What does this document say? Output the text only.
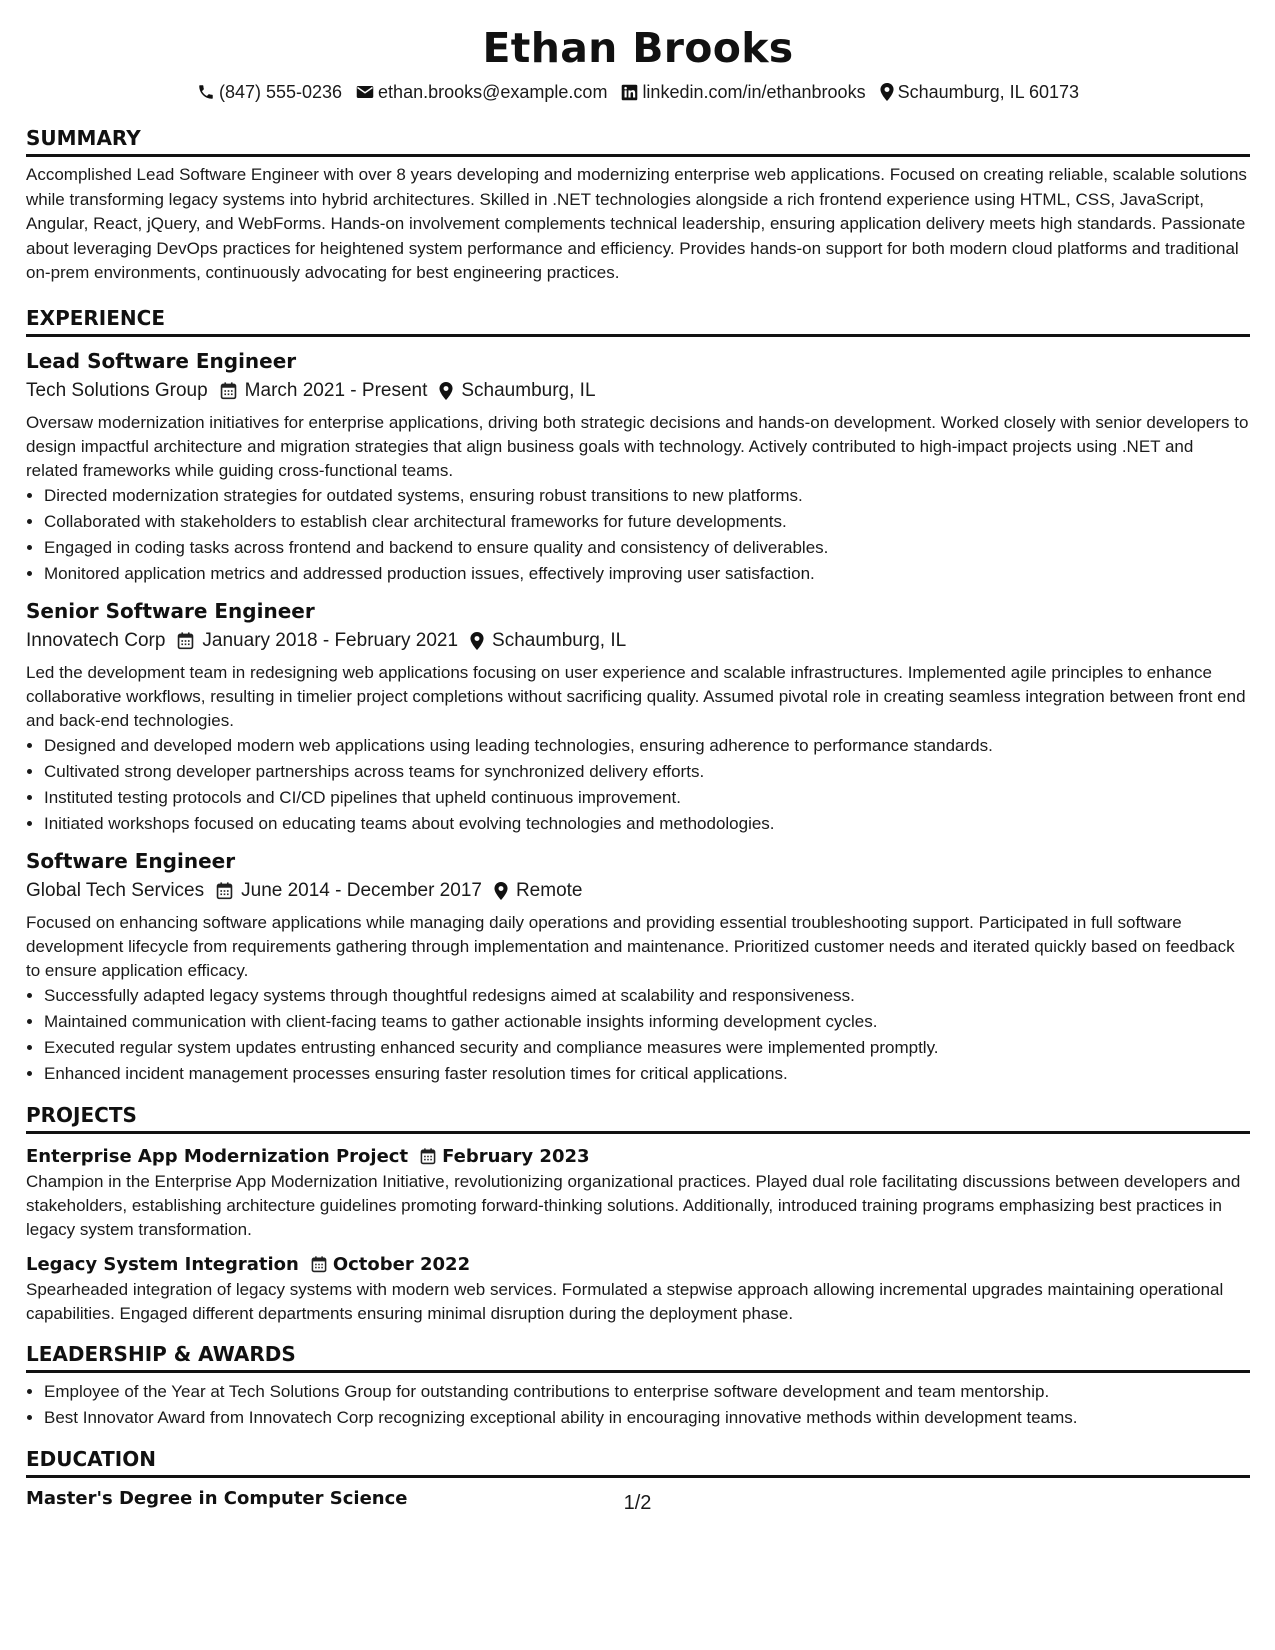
Ethan Brooks
(847) 555-0236 ethan.brooks@example.com linkedin.com/in/ethanbrooks Schaumburg, IL 60173
SUMMARY
Accomplished Lead Software Engineer with over 8 years developing and modernizing enterprise web applications. Focused on creating reliable, scalable solutions while transforming legacy systems into hybrid architectures. Skilled in .NET technologies alongside a rich frontend experience using HTML, CSS, JavaScript, Angular, React, jQuery, and WebForms. Hands-on involvement complements technical leadership, ensuring application delivery meets high standards. Passionate about leveraging DevOps practices for heightened system performance and efficiency. Provides hands-on support for both modern cloud platforms and traditional on-prem environments, continuously advocating for best engineering practices.
EXPERIENCE
Lead Software Engineer
Tech Solutions Group March 2021 - Present Schaumburg, IL
Oversaw modernization initiatives for enterprise applications, driving both strategic decisions and hands-on development. Worked closely with senior developers to design impactful architecture and migration strategies that align business goals with technology. Actively contributed to high-impact projects using .NET and related frameworks while guiding cross-functional teams.
• Directed modernization strategies for outdated systems, ensuring robust transitions to new platforms.
• Collaborated with stakeholders to establish clear architectural frameworks for future developments.
• Engaged in coding tasks across frontend and backend to ensure quality and consistency of deliverables.
• Monitored application metrics and addressed production issues, effectively improving user satisfaction.
Senior Software Engineer
Innovatech Corp January 2018 - February 2021 Schaumburg, IL
Led the development team in redesigning web applications focusing on user experience and scalable infrastructures. Implemented agile principles to enhance collaborative workflows, resulting in timelier project completions without sacrificing quality. Assumed pivotal role in creating seamless integration between front end and back-end technologies.
• Designed and developed modern web applications using leading technologies, ensuring adherence to performance standards.
• Cultivated strong developer partnerships across teams for synchronized delivery efforts.
• Instituted testing protocols and CI/CD pipelines that upheld continuous improvement.
• Initiated workshops focused on educating teams about evolving technologies and methodologies.
Software Engineer
Global Tech Services June 2014 - December 2017 Remote
Focused on enhancing software applications while managing daily operations and providing essential troubleshooting support. Participated in full software development lifecycle from requirements gathering through implementation and maintenance. Prioritized customer needs and iterated quickly based on feedback to ensure application efficacy.
• Successfully adapted legacy systems through thoughtful redesigns aimed at scalability and responsiveness.
• Maintained communication with client-facing teams to gather actionable insights informing development cycles.
• Executed regular system updates entrusting enhanced security and compliance measures were implemented promptly.
• Enhanced incident management processes ensuring faster resolution times for critical applications.
PROJECTS
Enterprise App Modernization Project February 2023
Champion in the Enterprise App Modernization Initiative, revolutionizing organizational practices. Played dual role facilitating discussions between developers and stakeholders, establishing architecture guidelines promoting forward-thinking solutions. Additionally, introduced training programs emphasizing best practices in legacy system transformation.
Legacy System Integration October 2022
Spearheaded integration of legacy systems with modern web services. Formulated a stepwise approach allowing incremental upgrades maintaining operational capabilities. Engaged different departments ensuring minimal disruption during the deployment phase.
LEADERSHIP & AWARDS
• Employee of the Year at Tech Solutions Group for outstanding contributions to enterprise software development and team mentorship.
• Best Innovator Award from Innovatech Corp recognizing exceptional ability in encouraging innovative methods within development teams.
EDUCATION
Master's Degree in Computer Science	1/2
